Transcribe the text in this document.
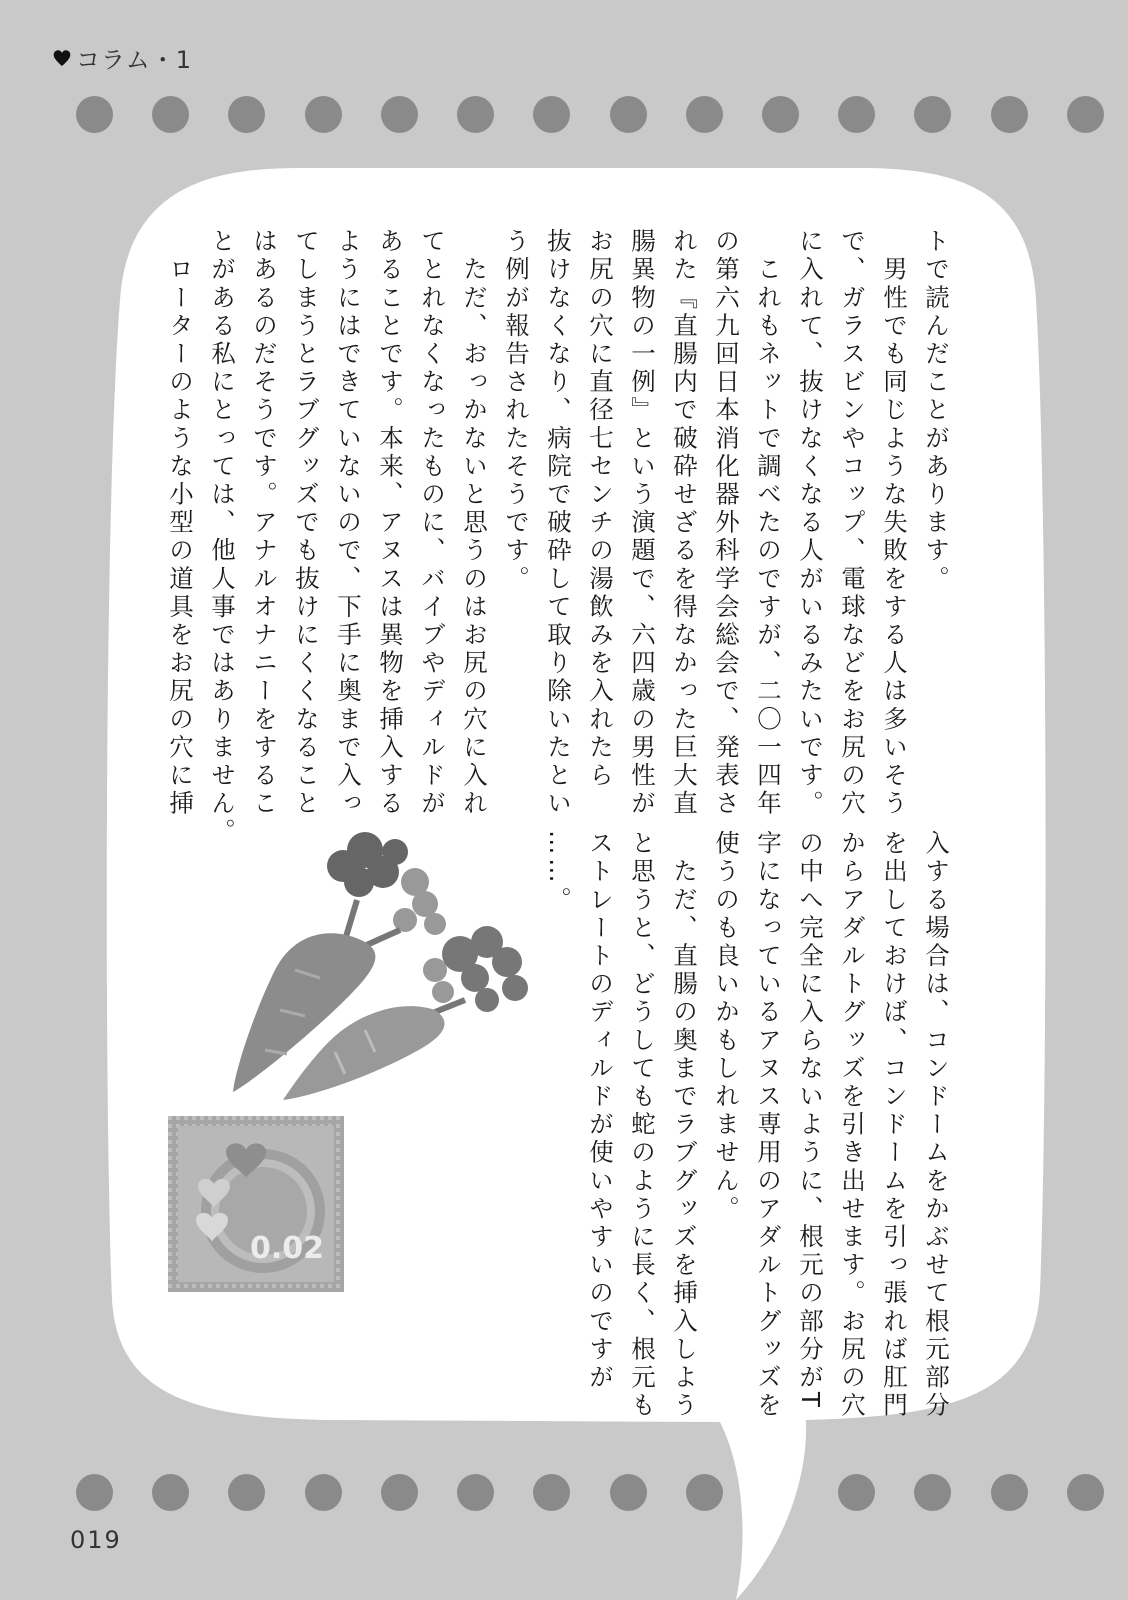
コラム・1
トで読んだことがあります。
　男性でも同じような失敗をする人は多いそう
で、ガラスビンやコップ、電球などをお尻の穴
に入れて、抜けなくなる人がいるみたいです。
　これもネットで調べたのですが、二〇一四年
の第六九回日本消化器外科学会総会で、発表さ
れた『直腸内で破砕せざるを得なかった巨大直
腸異物の一例』という演題で、六四歳の男性が
お尻の穴に直径七センチの湯飲みを入れたら
抜けなくなり、病院で破砕して取り除いたとい
う例が報告されたそうです。
　ただ、おっかないと思うのはお尻の穴に入れ
てとれなくなったものに、バイブやディルドが
あることです。本来、アヌスは異物を挿入する
ようにはできていないので、下手に奥まで入っ
てしまうとラブグッズでも抜けにくくなること
はあるのだそうです。アナルオナニーをするこ
とがある私にとっては、他人事ではありません。
　ローターのような小型の道具をお尻の穴に挿
入する場合は、コンドームをかぶせて根元部分
を出しておけば、コンドームを引っ張れば肛門
からアダルトグッズを引き出せます。お尻の穴
の中へ完全に入らないように、根元の部分がT
字になっているアヌス専用のアダルトグッズを
使うのも良いかもしれません。
　ただ、直腸の奥までラブグッズを挿入しよう
と思うと、どうしても蛇のように長く、根元も
ストレートのディルドが使いやすいのですが
……。
0.02
019
